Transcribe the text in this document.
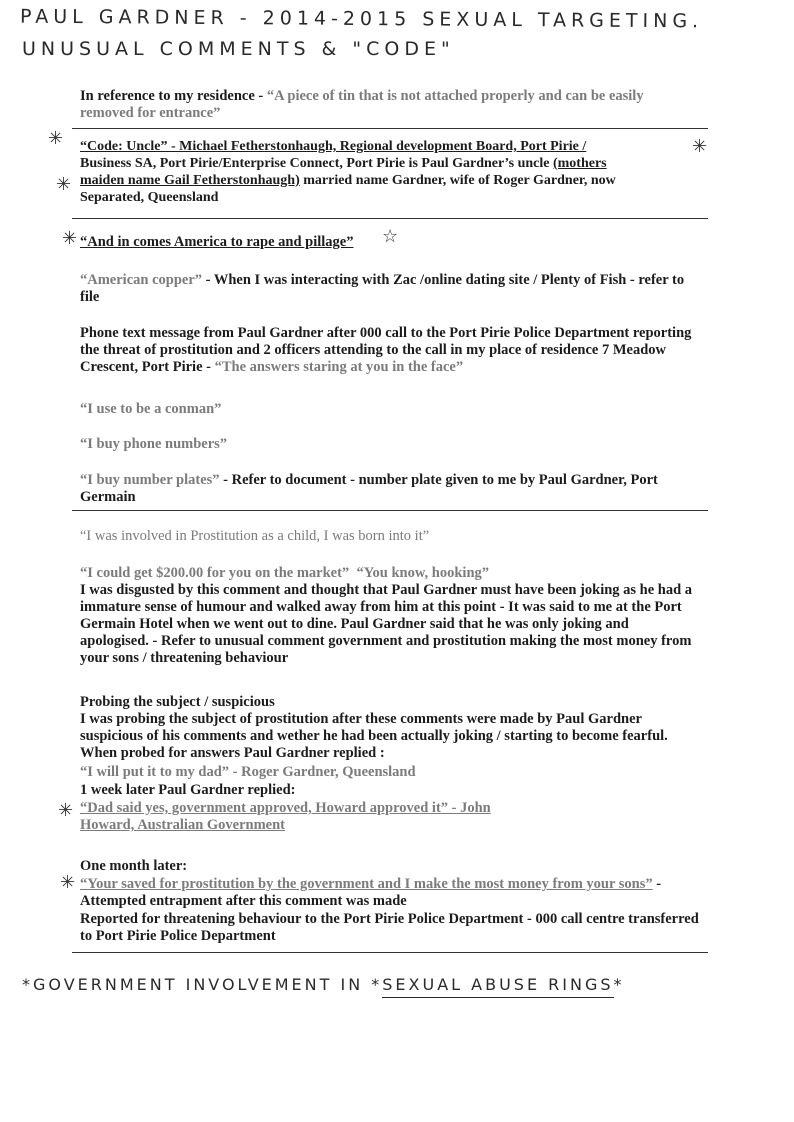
PAUL GARDNER - 2014-2015 SEXUAL TARGETING.
UNUSUAL COMMENTS & "CODE"
In reference to my residence - “A piece of tin that is not attached properly and can be easily removed for entrance”
✳	✳
✳
“Code: Uncle” - Michael Fetherstonhaugh, Regional development Board, Port Pirie /
Business SA, Port Pirie/Enterprise Connect, Port Pirie is Paul Gardner’s uncle (mothers
maiden name Gail Fetherstonhaugh) married name Gardner, wife of Roger Gardner, now
Separated, Queensland
✳ “And in comes America to rape and pillage”	☆
“American copper” - When I was interacting with Zac /online dating site / Plenty of Fish - refer to file
Phone text message from Paul Gardner after 000 call to the Port Pirie Police Department reporting the threat of prostitution and 2 officers attending to the call in my place of residence 7 Meadow Crescent, Port Pirie - “The answers staring at you in the face”
“I use to be a conman”
“I buy phone numbers”
“I buy number plates” - Refer to document - number plate given to me by Paul Gardner, Port Germain
“I was involved in Prostitution as a child, I was born into it”
“I could get $200.00 for you on the market” “You know, hooking”
I was disgusted by this comment and thought that Paul Gardner must have been joking as he had a immature sense of humour and walked away from him at this point - It was said to me at the Port Germain Hotel when we went out to dine. Paul Gardner said that he was only joking and apologised. - Refer to unusual comment government and prostitution making the most money from your sons / threatening behaviour
Probing the subject / suspicious
I was probing the subject of prostitution after these comments were made by Paul Gardner suspicious of his comments and wether he had been actually joking / starting to become fearful. When probed for answers Paul Gardner replied :
“I will put it to my dad” - Roger Gardner, Queensland
1 week later Paul Gardner replied:
✳ “Dad said yes, government approved, Howard approved it” - John Howard, Australian Government
One month later:
✳ “Your saved for prostitution by the government and I make the most money from your sons” - Attempted entrapment after this comment was made
Reported for threatening behaviour to the Port Pirie Police Department - 000 call centre transferred to Port Pirie Police Department
*GOVERNMENT INVOLVEMENT IN *SEXUAL ABUSE RINGS*
